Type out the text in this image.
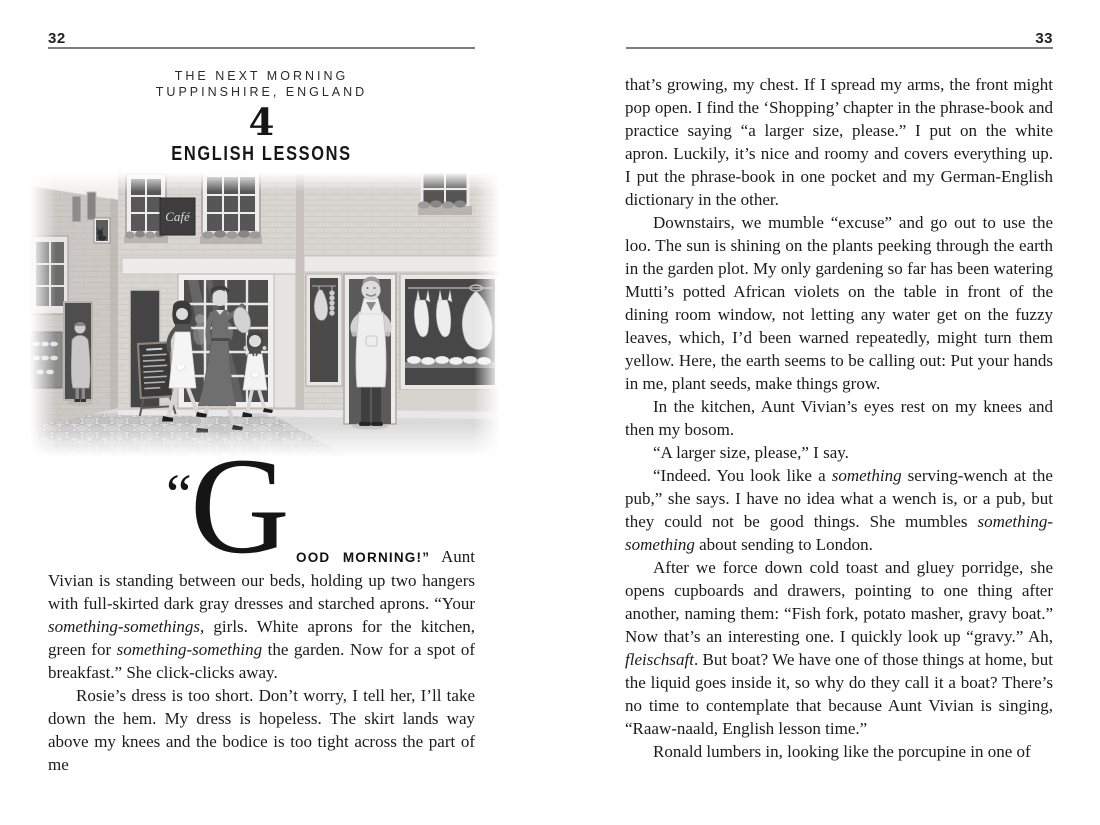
32
THE NEXT MORNING
TUPPINSHIRE, ENGLAND
4
ENGLISH LESSONS
Café
“
G OOD MORNING!” Aunt Vivian is standing between our beds, holding up two hangers with full-skirted dark gray dresses and starched aprons. “Your something-somethings, girls. White aprons for the kitchen, green for something-something the garden. Now for a spot of breakfast.” She click-clicks away.

Rosie’s dress is too short. Don’t worry, I tell her, I’ll take down the hem. My dress is hopeless. The skirt lands way above my knees and the bodice is too tight across the part of me

33

that’s growing, my chest. If I spread my arms, the front might pop open. I find the ‘Shopping’ chapter in the phrase-book and practice saying “a larger size, please.” I put on the white apron. Luckily, it’s nice and roomy and covers everything up. I put the phrase-book in one pocket and my German-English dictionary in the other.

Downstairs, we mumble “excuse” and go out to use the loo. The sun is shining on the plants peeking through the earth in the garden plot. My only gardening so far has been watering Mutti’s potted African violets on the table in front of the dining room window, not letting any water get on the fuzzy leaves, which, I’d been warned repeatedly, might turn them yellow. Here, the earth seems to be calling out: Put your hands in me, plant seeds, make things grow.

In the kitchen, Aunt Vivian’s eyes rest on my knees and then my bosom.

“A larger size, please,” I say.

“Indeed. You look like a something serving-wench at the pub,” she says. I have no idea what a wench is, or a pub, but they could not be good things. She mumbles something-something about sending to London.

After we force down cold toast and gluey porridge, she opens cupboards and drawers, pointing to one thing after another, naming them: “Fish fork, potato masher, gravy boat.” Now that’s an interesting one. I quickly look up “gravy.” Ah, fleischsaft. But boat? We have one of those things at home, but the liquid goes inside it, so why do they call it a boat? There’s no time to contemplate that because Aunt Vivian is singing, “Raaw-naald, English lesson time.”

Ronald lumbers in, looking like the porcupine in one of
